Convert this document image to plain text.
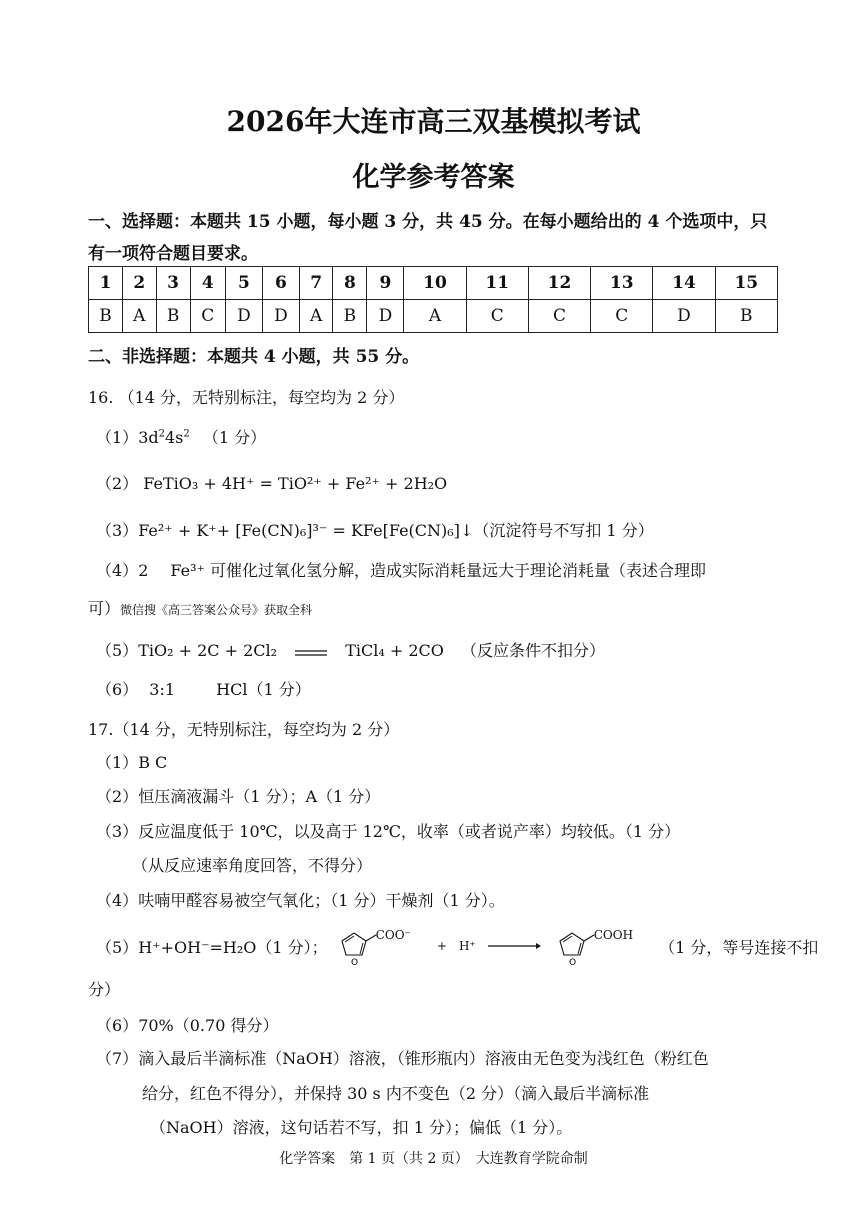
2026年大连市高三双基模拟考试
化学参考答案
一、选择题：本题共 15 小题，每小题 3 分，共 45 分。在每小题给出的 4 个选项中，只
有一项符合题目要求。
1	2	3	4	5	6	7	8	9	10	11	12	13	14	15
B	A	B	C	D	D	A	B	D	A	C	C	C	D	B
二、非选择题：本题共 4 小题，共 55 分。
16. （14 分，无特别标注，每空均为 2 分）
$(1)3d^24s^2$ （1 分）
（2） FeTiO₃ + 4H⁺ = TiO²⁺ + Fe²⁺ + 2H₂O
（3）Fe²⁺ + K⁺+ [Fe(CN)₆]³⁻ = KFe[Fe(CN)₆]↓（沉淀符号不写扣 1 分）
（4）2 Fe³⁺ 可催化过氧化氢分解，造成实际消耗量远大于理论消耗量（表述合理即
可）微信搜《高三答案公众号》获取全科
（5）TiO₂ + 2C + 2Cl₂	TiCl₄ + 2CO （反应条件不扣分）
（6） 3:1	HCl（1 分）
17.（14 分，无特别标注，每空均为 2 分）
（1）B C
（2）恒压滴液漏斗（1 分）；A（1 分）
（3）反应温度低于 10℃，以及高于 12℃，收率（或者说产率）均较低。（1 分）
（从反应速率角度回答，不得分）
（4）呋喃甲醛容易被空气氧化；（1 分）干燥剂（1 分）。
（5） H⁺+OH⁻=H₂O（1 分）；
O
COO⁻
+ H⁺ →
O
COOH
（1 分，等号连接不扣
分）
（6）70%（0.70 得分）
（7）滴入最后半滴标准（NaOH）溶液，（锥形瓶内）溶液由无色变为浅红色（粉红色
给分，红色不得分），并保持 30 s 内不变色（2 分）（滴入最后半滴标准
（NaOH）溶液，这句话若不写，扣 1 分）；偏低（1 分）。
化学答案　第 1 页（共 2 页）　大连教育学院命制
